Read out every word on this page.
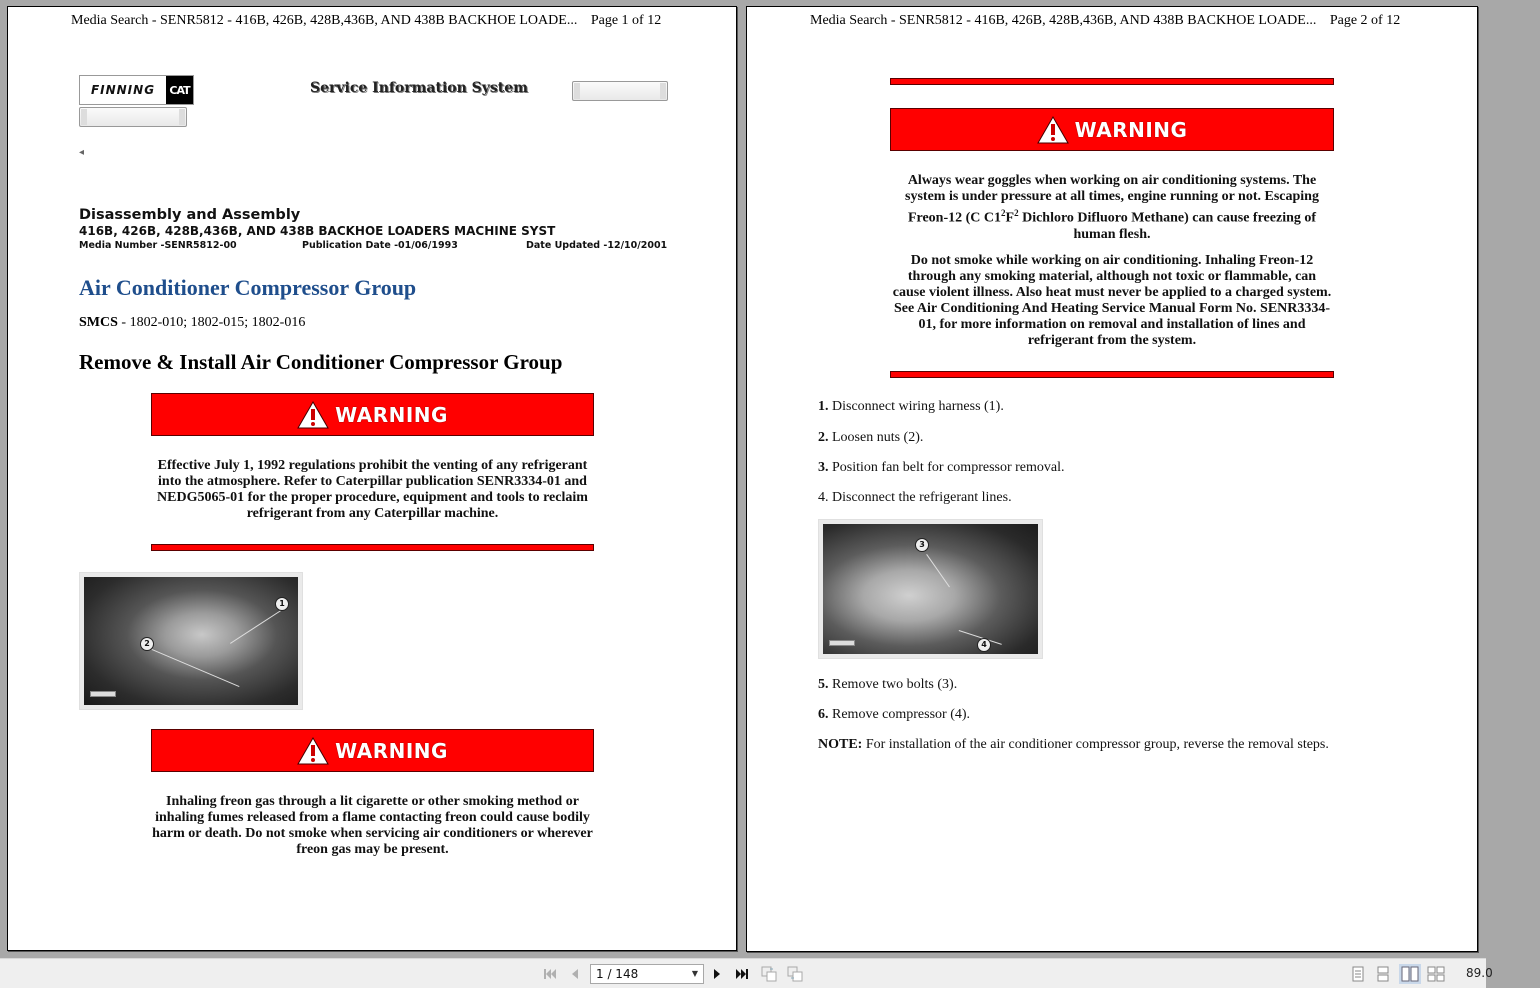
Media Search - SENR5812 - 416B, 426B, 428B,436B, AND 438B BACKHOE LOADE... Page 1 of 12
FINNING	CAT	Service Information System
◂
Disassembly and Assembly
416B, 426B, 428B,436B, AND 438B BACKHOE LOADERS MACHINE SYST
Media Number -SENR5812-00	Publication Date -01/06/1993	Date Updated -12/10/2001
Air Conditioner Compressor Group
SMCS - 1802-010; 1802-015; 1802-016
Remove & Install Air Conditioner Compressor Group
WARNING
Effective July 1, 1992 regulations prohibit the venting of any refrigerant into the atmosphere. Refer to Caterpillar publication SENR3334-01 and NEDG5065-01 for the proper procedure, equipment and tools to reclaim refrigerant from any Caterpillar machine.
1
2
WARNING
Inhaling freon gas through a lit cigarette or other smoking method or inhaling fumes released from a flame contacting freon could cause bodily harm or death. Do not smoke when servicing air conditioners or wherever freon gas may be present.
Media Search - SENR5812 - 416B, 426B, 428B,436B, AND 438B BACKHOE LOADE... Page 2 of 12
WARNING
Always wear goggles when working on air conditioning systems. The system is under pressure at all times, engine running or not. Escaping Freon-12 (C $C1^2F^2$ Dichloro Difluoro Methane) can cause freezing of human flesh.
Do not smoke while working on air conditioning. Inhaling Freon-12 through any smoking material, although not toxic or flammable, can cause violent illness. Also heat must never be applied to a charged system. See Air Conditioning And Heating Service Manual Form No. SENR3334-01, for more information on removal and installation of lines and refrigerant from the system.
1. Disconnect wiring harness (1).
2. Loosen nuts (2).
3. Position fan belt for compressor removal.
4. Disconnect the refrigerant lines.
3
4
5. Remove two bolts (3).
6. Remove compressor (4).
NOTE: For installation of the air conditioner compressor group, reverse the removal steps.
1 / 148	▼	89.0
